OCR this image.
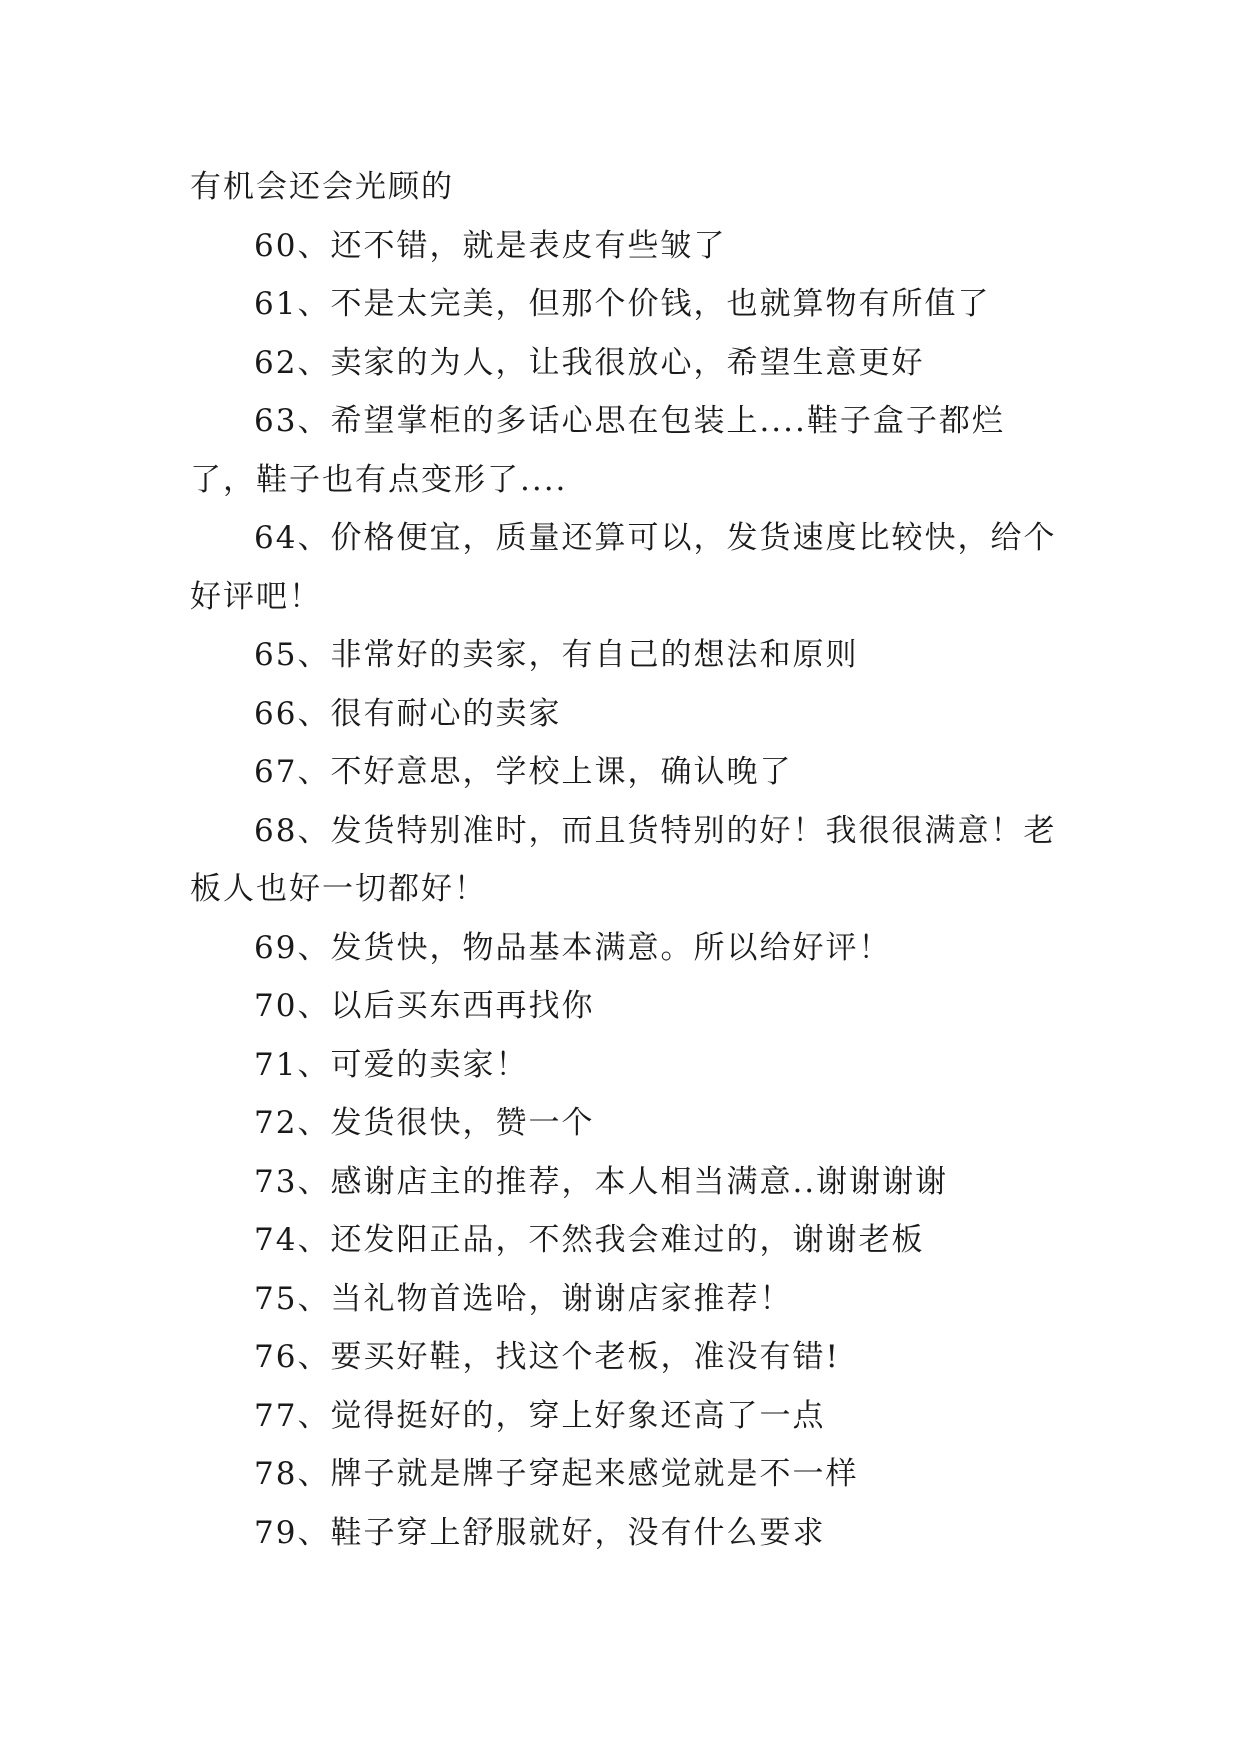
有机会还会光顾的

60、还不错，就是表皮有些皱了

61、不是太完美，但那个价钱，也就算物有所值了

62、卖家的为人，让我很放心，希望生意更好

63、希望掌柜的多话心思在包装上....鞋子盒子都烂了，鞋子也有点变形了....

64、价格便宜，质量还算可以，发货速度比较快，给个好评吧！

65、非常好的卖家，有自己的想法和原则

66、很有耐心的卖家

67、不好意思，学校上课，确认晚了

68、发货特别准时，而且货特别的好！我很很满意！老板人也好一切都好！

69、发货快，物品基本满意。所以给好评！

70、以后买东西再找你

71、可爱的卖家！

72、发货很快，赞一个

73、感谢店主的推荐，本人相当满意..谢谢谢谢

74、还发阳正品，不然我会难过的，谢谢老板

75、当礼物首选哈，谢谢店家推荐！

76、要买好鞋，找这个老板，准没有错!

77、觉得挺好的，穿上好象还高了一点

78、牌子就是牌子穿起来感觉就是不一样

79、鞋子穿上舒服就好，没有什么要求
